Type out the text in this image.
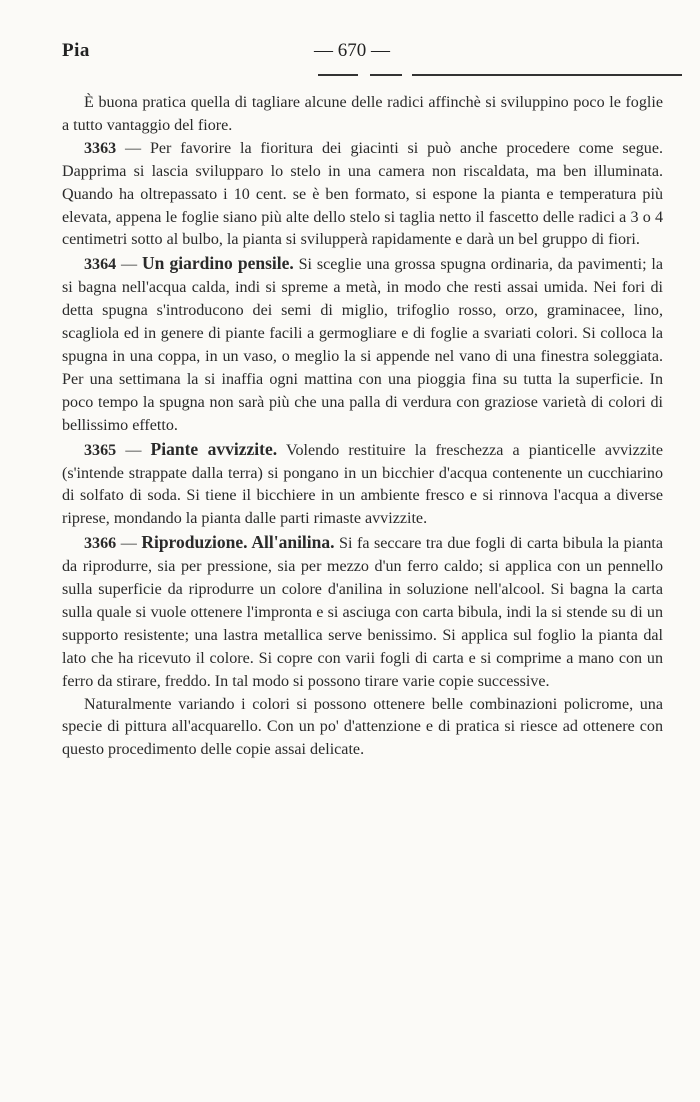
Pia	— 670 —

È buona pratica quella di tagliare alcune delle radici affinchè si sviluppino poco le foglie a tutto vantaggio del fiore.

3363 — Per favorire la fioritura dei giacinti si può anche procedere come segue. Dapprima si lascia svilupparo lo stelo in una camera non riscaldata, ma ben illuminata. Quando ha oltrepassato i 10 cent. se è ben formato, si espone la pianta e temperatura più elevata, appena le foglie siano più alte dello stelo si taglia netto il fascetto delle radici a 3 o 4 centimetri sotto al bulbo, la pianta si svilupperà rapidamente e darà un bel gruppo di fiori.

3364 — Un giardino pensile. Si sceglie una grossa spugna ordinaria, da pavimenti; la si bagna nell'acqua calda, indi si spreme a metà, in modo che resti assai umida. Nei fori di detta spugna s'introducono dei semi di miglio, trifoglio rosso, orzo, graminacee, lino, scagliola ed in genere di piante facili a germogliare e di foglie a svariati colori. Si colloca la spugna in una coppa, in un vaso, o meglio la si appende nel vano di una finestra soleggiata. Per una settimana la si inaffia ogni mattina con una pioggia fina su tutta la superficie. In poco tempo la spugna non sarà più che una palla di verdura con graziose varietà di colori di bellissimo effetto.

3365 — Piante avvizzite. Volendo restituire la freschezza a pianticelle avvizzite (s'intende strappate dalla terra) si pongano in un bicchier d'acqua contenente un cucchiarino di solfato di soda. Si tiene il bicchiere in un ambiente fresco e si rinnova l'acqua a diverse riprese, mondando la pianta dalle parti rimaste avvizzite.

3366 — Riproduzione. All'anilina. Si fa seccare tra due fogli di carta bibula la pianta da riprodurre, sia per pressione, sia per mezzo d'un ferro caldo; si applica con un pennello sulla superficie da riprodurre un colore d'anilina in soluzione nell'alcool. Si bagna la carta sulla quale si vuole ottenere l'impronta e si asciuga con carta bibula, indi la si stende su di un supporto resistente; una lastra metallica serve benissimo. Si applica sul foglio la pianta dal lato che ha ricevuto il colore. Si copre con varii fogli di carta e si comprime a mano con un ferro da stirare, freddo. In tal modo si possono tirare varie copie successive.

Naturalmente variando i colori si possono ottenere belle combinazioni policrome, una specie di pittura all'acquarello. Con un po' d'attenzione e di pratica si riesce ad ottenere con questo procedimento delle copie assai delicate.
